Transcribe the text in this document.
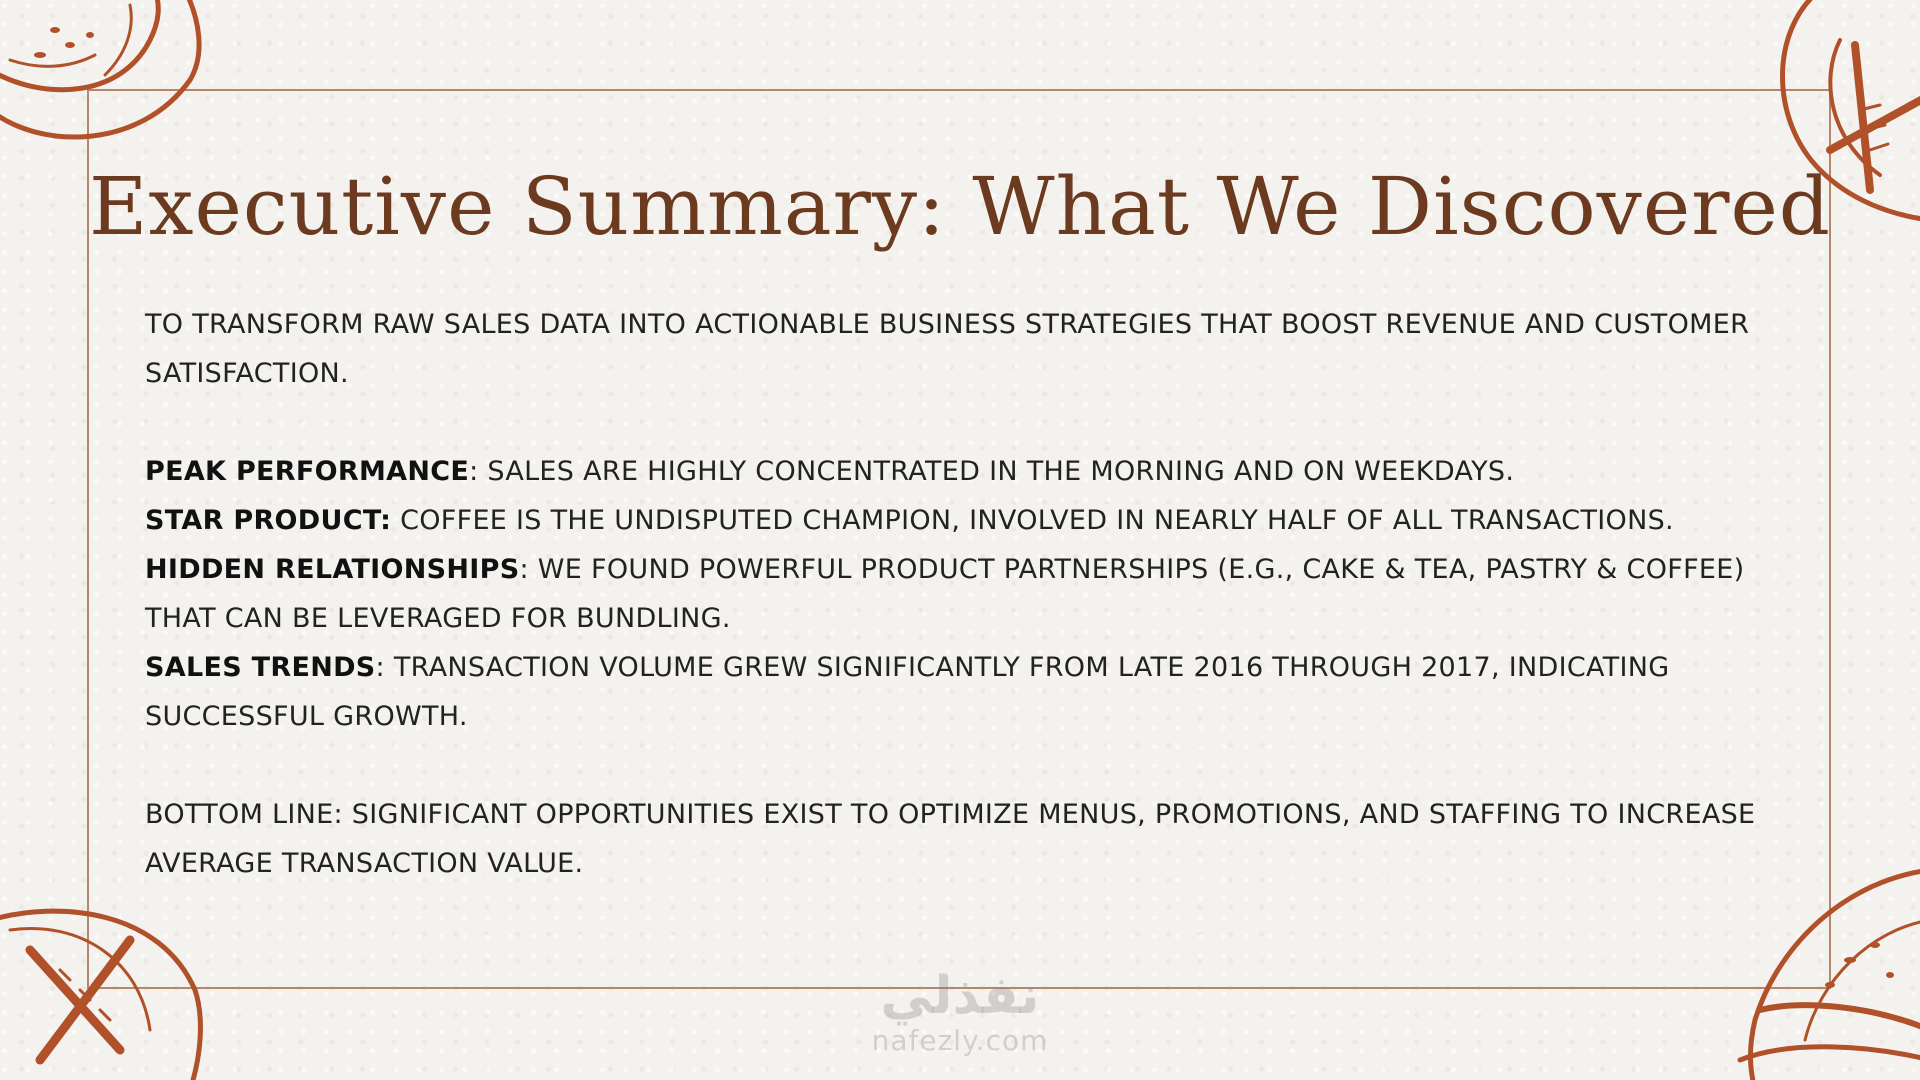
Executive Summary: What We Discovered

TO TRANSFORM RAW SALES DATA INTO ACTIONABLE BUSINESS STRATEGIES THAT BOOST REVENUE AND CUSTOMER SATISFACTION.

PEAK PERFORMANCE: SALES ARE HIGHLY CONCENTRATED IN THE MORNING AND ON WEEKDAYS.

STAR PRODUCT: COFFEE IS THE UNDISPUTED CHAMPION, INVOLVED IN NEARLY HALF OF ALL TRANSACTIONS.

HIDDEN RELATIONSHIPS: WE FOUND POWERFUL PRODUCT PARTNERSHIPS (E.G., CAKE & TEA, PASTRY & COFFEE) THAT CAN BE LEVERAGED FOR BUNDLING.

SALES TRENDS: TRANSACTION VOLUME GREW SIGNIFICANTLY FROM LATE 2016 THROUGH 2017, INDICATING SUCCESSFUL GROWTH.

BOTTOM LINE: SIGNIFICANT OPPORTUNITIES EXIST TO OPTIMIZE MENUS, PROMOTIONS, AND STAFFING TO INCREASE AVERAGE TRANSACTION VALUE.

نفذلي
nafezly.com
